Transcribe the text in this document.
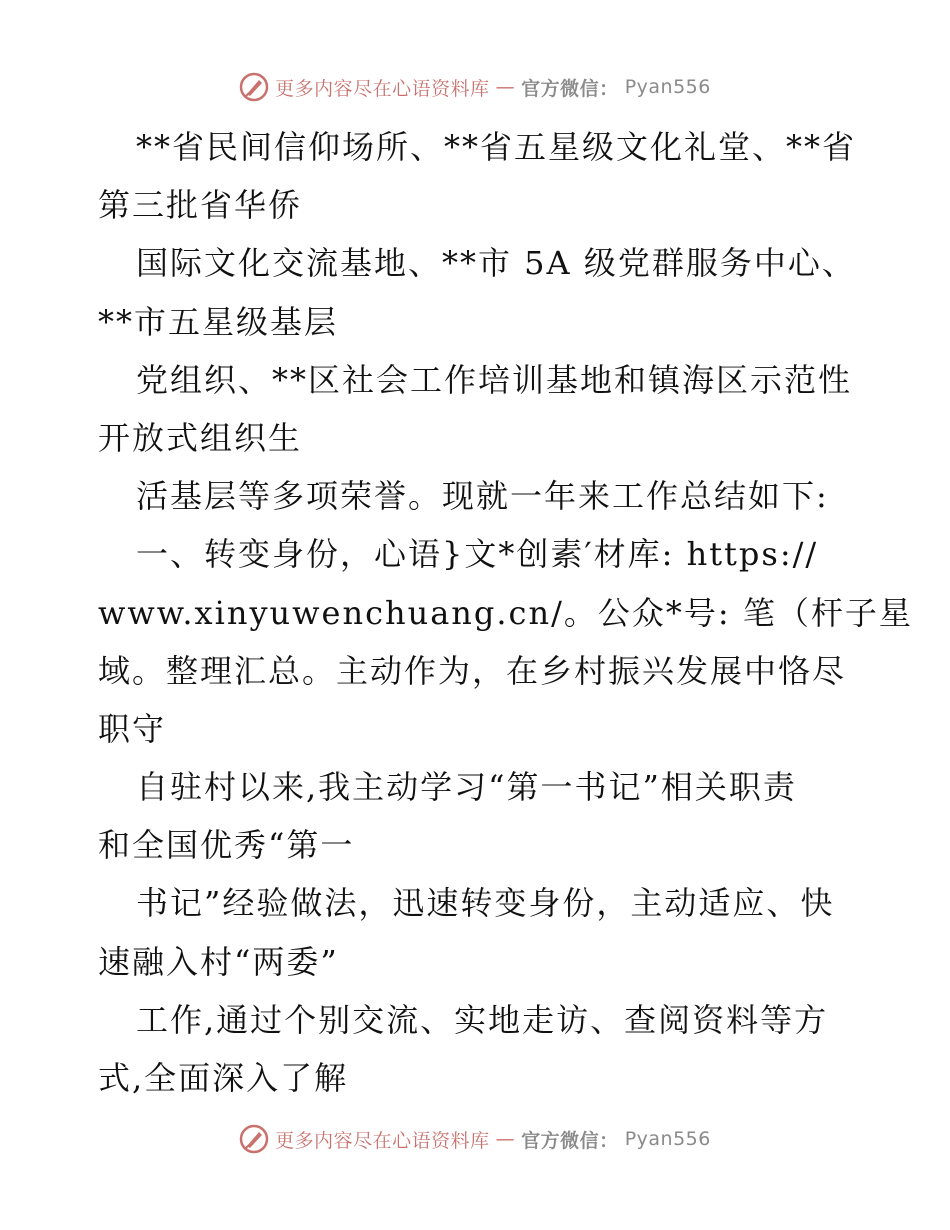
更多内容尽在心语资料库 — 官方微信： Pyan556
**省民间信仰场所、**省五星级文化礼堂、**省
第三批省华侨
国际文化交流基地、**市 5A 级党群服务中心、
**市五星级基层
党组织、**区社会工作培训基地和镇海区示范性
开放式组织生
活基层等多项荣誉。现就一年来工作总结如下:
一、转变身份，心语}文*创素′材库: https://
www.xinyuwenchuang.cn/。公众*号: 笔（杆子星
域。整理汇总。主动作为，在乡村振兴发展中恪尽
职守
自驻村以来,我主动学习“第一书记”相关职责
和全国优秀“第一
书记”经验做法，迅速转变身份，主动适应、快
速融入村“两委”
工作,通过个别交流、实地走访、查阅资料等方
式,全面深入了解
更多内容尽在心语资料库 — 官方微信： Pyan556
